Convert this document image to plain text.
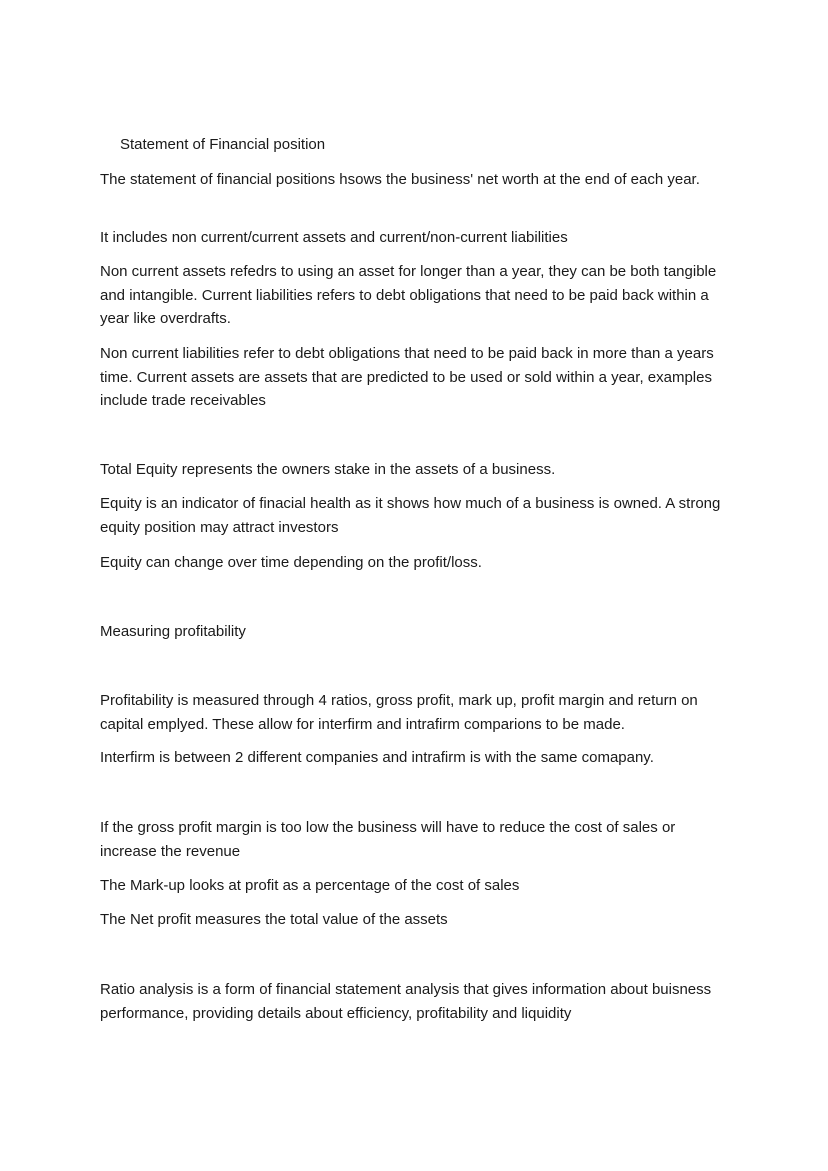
Statement of Financial position

The statement of financial positions hsows the business' net worth at the end of each year.

It includes non current/current assets and current/non-current liabilities

Non current assets refedrs to using an asset for longer than a year, they can be both tangible and intangible. Current liabilities refers to debt obligations that need to be paid back within a year like overdrafts.

Non current liabilities refer to debt obligations that need to be paid back in more than a years time. Current assets are assets that are predicted to be used or sold within a year, examples include trade receivables

Total Equity represents the owners stake in the assets of a business.

Equity is an indicator of finacial health as it shows how much of a business is owned. A strong equity position may attract investors

Equity can change over time depending on the profit/loss.

Measuring profitability

Profitability is measured through 4 ratios, gross profit, mark up, profit margin and return on capital emplyed. These allow for interfirm and intrafirm comparions to be made.

Interfirm is between 2 different companies and intrafirm is with the same comapany.

If the gross profit margin is too low the business will have to reduce the cost of sales or increase the revenue

The Mark-up looks at profit as a percentage of the cost of sales

The Net profit measures the total value of the assets

Ratio analysis is a form of financial statement analysis that gives information about buisness performance, providing details about efficiency, profitability and liquidity
